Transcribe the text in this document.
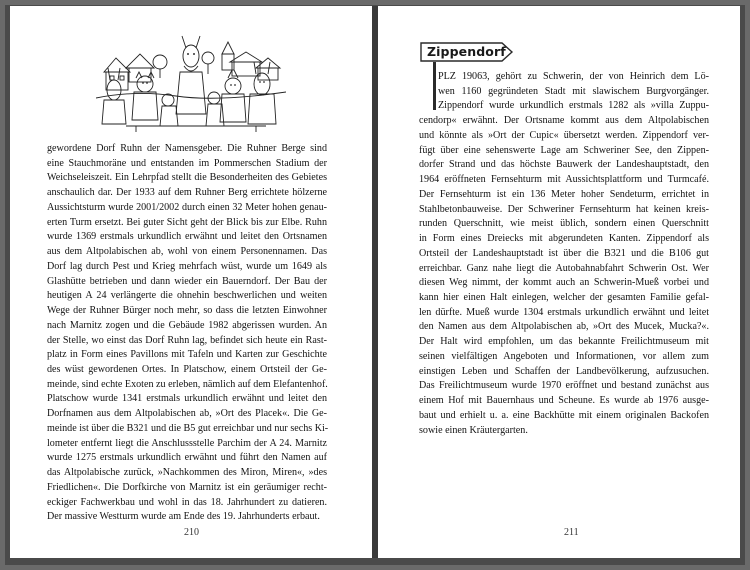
gewordene Dorf Ruhn der Namensgeber. Die Ruhner Berge sind
eine Stauchmoräne und entstanden im Pommerschen Stadium der
Weichseleiszeit. Ein Lehrpfad stellt die Besonderheiten des Gebietes
anschaulich dar. Der 1933 auf dem Ruhner Berg errichtete hölzerne
Aussichtsturm wurde 2001/2002 durch einen 32 Meter hohen genau-
erten Turm ersetzt. Bei guter Sicht geht der Blick bis zur Elbe. Ruhn
wurde 1369 erstmals urkundlich erwähnt und leitet den Ortsnamen
aus dem Altpolabischen ab, wohl von einem Personennamen. Das
Dorf lag durch Pest und Krieg mehrfach wüst, wurde um 1649 als
Glashütte betrieben und dann wieder ein Bauerndorf. Der Bau der
heutigen A 24 verlängerte die ohnehin beschwerlichen und weiten
Wege der Ruhner Bürger noch mehr, so dass die letzten Einwohner
nach Marnitz zogen und die Gebäude 1982 abgerissen wurden. An
der Stelle, wo einst das Dorf Ruhn lag, befindet sich heute ein Rast-
platz in Form eines Pavillons mit Tafeln und Karten zur Geschichte
des wüst gewordenen Ortes. In Platschow, einem Ortsteil der Ge-
meinde, sind echte Exoten zu erleben, nämlich auf dem Elefantenhof.
Platschow wurde 1341 erstmals urkundlich erwähnt und leitet den
Dorfnamen aus dem Altpolabischen ab, »Ort des Placek«. Die Ge-
meinde ist über die B321 und die B5 gut erreichbar und nur sechs Ki-
lometer entfernt liegt die Anschlussstelle Parchim der A 24. Marnitz
wurde 1275 erstmals urkundlich erwähnt und führt den Namen auf
das Altpolabische zurück, »Nachkommen des Miron, Miren«, »des
Friedlichen«. Die Dorfkirche von Marnitz ist ein geräumiger recht-
eckiger Fachwerkbau und wohl in das 18. Jahrhundert zu datieren.
Der massive Westturm wurde am Ende des 19. Jahrhunderts erbaut.
210
Zippendorf
PLZ 19063, gehört zu Schwerin, der von Heinrich dem Lö-
wen 1160 gegründeten Stadt mit slawischem Burgvorgänger.
Zippendorf wurde urkundlich erstmals 1282 als »villa Zuppu-
cendorp« erwähnt. Der Ortsname kommt aus dem Altpolabischen
und könnte als »Ort der Cupic« übersetzt werden. Zippendorf ver-
fügt über eine sehenswerte Lage am Schweriner See, den Zippen-
dorfer Strand und das höchste Bauwerk der Landeshauptstadt, den
1964 eröffneten Fernsehturm mit Aussichtsplattform und Turmcafé.
Der Fernsehturm ist ein 136 Meter hoher Sendeturm, errichtet in
Stahlbetonbauweise. Der Schweriner Fernsehturm hat keinen kreis-
runden Querschnitt, wie meist üblich, sondern einen Querschnitt
in Form eines Dreiecks mit abgerundeten Kanten. Zippendorf als
Ortsteil der Landeshauptstadt ist über die B321 und die B106 gut
erreichbar. Ganz nahe liegt die Autobahnabfahrt Schwerin Ost. Wer
diesen Weg nimmt, der kommt auch an Schwerin-Mueß vorbei und
kann hier einen Halt einlegen, welcher der gesamten Familie gefal-
len dürfte. Mueß wurde 1304 erstmals urkundlich erwähnt und leitet
den Namen aus dem Altpolabischen ab, »Ort des Mucek, Mucka?«.
Der Halt wird empfohlen, um das bekannte Freilichtmuseum mit
seinen vielfältigen Angeboten und Informationen, vor allem zum
einstigen Leben und Schaffen der Landbevölkerung, aufzusuchen.
Das Freilichtmuseum wurde 1970 eröffnet und bestand zunächst aus
einem Hof mit Bauernhaus und Scheune. Es wurde ab 1976 ausge-
baut und erhielt u. a. eine Backhütte mit einem originalen Backofen
sowie einen Kräutergarten.
211
